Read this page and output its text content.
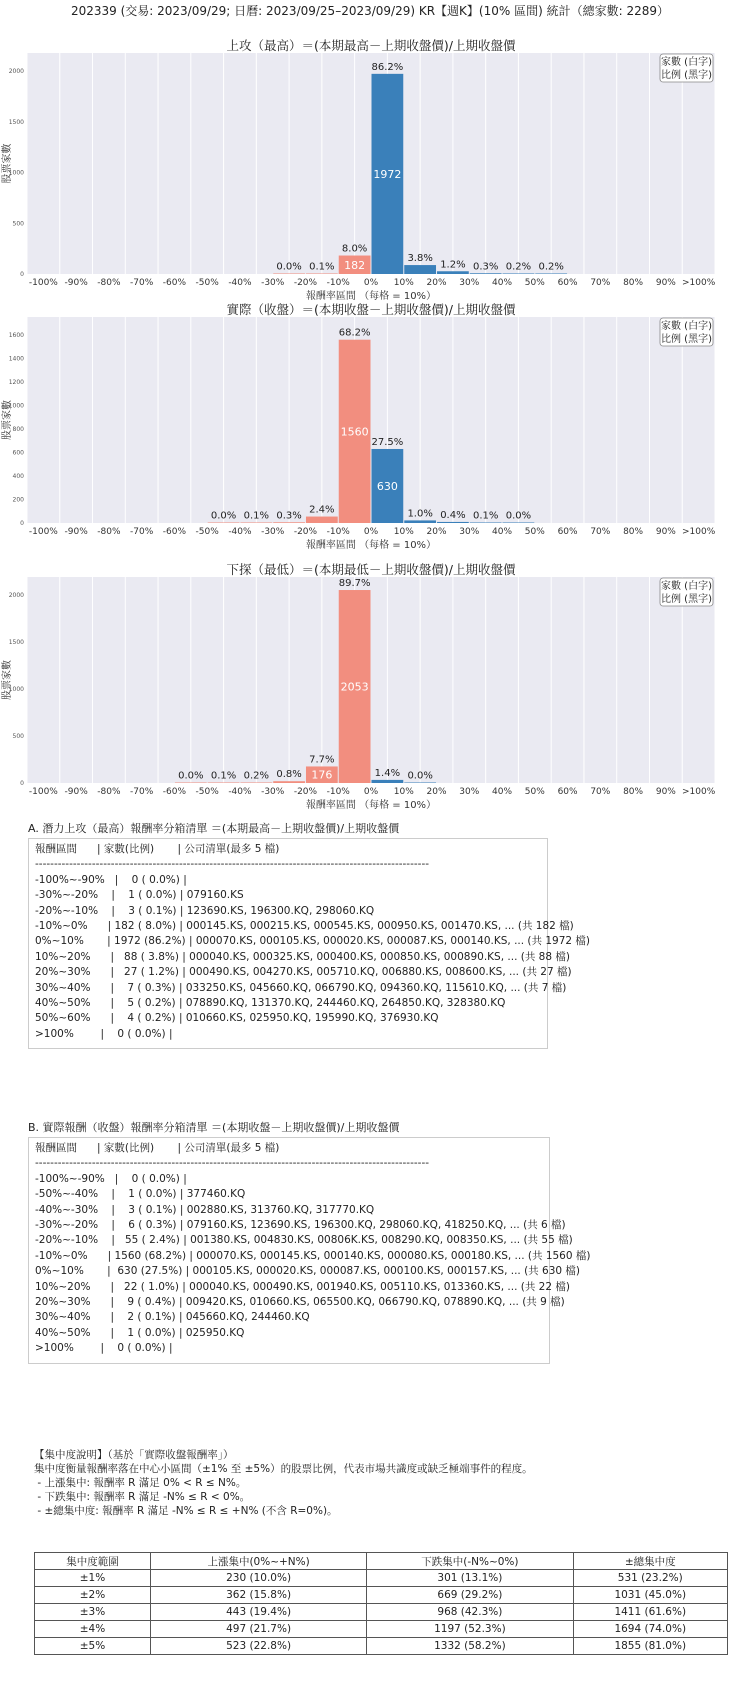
202339 (交易: 2023/09/29; 日曆: 2023/09/25–2023/09/29) KR【週K】(10% 區間) 統計（總家數: 2289）
上攻（最高）＝(本期最高－上期收盤價)/上期收盤價
0
500
1000
1500
2000
股票家數
-100% -90% -80% -70% -60% -50% -40% -30% -20% -10% 0% 10% 20% 30% 40% 50% 60% 70% 80% 90% >100%
報酬率區間 （每格 = 10%）
0.0% 0.1%
8.0%
182
86.2%
1972
3.8%
1.2% 0.3% 0.2% 0.2%
家數 (白字)
比例 (黑字)
實際（收盤）＝(本期收盤－上期收盤價)/上期收盤價
0
200
400
600
800
1000
1200
1400
1600
股票家數
-100% -90% -80% -70% -60% -50% -40% -30% -20% -10% 0% 10% 20% 30% 40% 50% 60% 70% 80% 90% >100%
報酬率區間 （每格 = 10%）
0.0% 0.1% 0.3%
2.4%
68.2%
1560
27.5%
630
1.0% 0.4% 0.1% 0.0%
家數 (白字)
比例 (黑字)
下探（最低）＝(本期最低－上期收盤價)/上期收盤價
0
500
1000
1500
2000
股票家數
-100% -90% -80% -70% -60% -50% -40% -30% -20% -10% 0% 10% 20% 30% 40% 50% 60% 70% 80% 90% >100%
報酬率區間 （每格 = 10%）
0.0% 0.1% 0.2% 0.8%
7.7%
176
89.7%
2053
1.4% 0.0%
家數 (白字)
比例 (黑字)
A. 潛力上攻（最高）報酬率分箱清單 ＝(本期最高－上期收盤價)/上期收盤價
報酬區間      | 家數(比例)       | 公司清單(最多 5 檔)
--------------------------------------------------------------------------------------------------------
-100%~-90%   |    0 ( 0.0%) |
-30%~-20%    |    1 ( 0.0%) | 079160.KS
-20%~-10%    |    3 ( 0.1%) | 123690.KS, 196300.KQ, 298060.KQ
-10%~0%      | 182 ( 8.0%) | 000145.KS, 000215.KS, 000545.KS, 000950.KS, 001470.KS, ... (共 182 檔)
0%~10%       | 1972 (86.2%) | 000070.KS, 000105.KS, 000020.KS, 000087.KS, 000140.KS, ... (共 1972 檔)
10%~20%      |   88 ( 3.8%) | 000040.KS, 000325.KS, 000400.KS, 000850.KS, 000890.KS, ... (共 88 檔)
20%~30%      |   27 ( 1.2%) | 000490.KS, 004270.KS, 005710.KQ, 006880.KS, 008600.KS, ... (共 27 檔)
30%~40%      |    7 ( 0.3%) | 033250.KS, 045660.KQ, 066790.KQ, 094360.KQ, 115610.KQ, ... (共 7 檔)
40%~50%      |    5 ( 0.2%) | 078890.KQ, 131370.KQ, 244460.KQ, 264850.KQ, 328380.KQ
50%~60%      |    4 ( 0.2%) | 010660.KS, 025950.KQ, 195990.KQ, 376930.KQ
>100%        |    0 ( 0.0%) |
B. 實際報酬（收盤）報酬率分箱清單 ＝(本期收盤－上期收盤價)/上期收盤價
報酬區間      | 家數(比例)       | 公司清單(最多 5 檔)
--------------------------------------------------------------------------------------------------------
-100%~-90%   |    0 ( 0.0%) |
-50%~-40%    |    1 ( 0.0%) | 377460.KQ
-40%~-30%    |    3 ( 0.1%) | 002880.KS, 313760.KQ, 317770.KQ
-30%~-20%    |    6 ( 0.3%) | 079160.KS, 123690.KS, 196300.KQ, 298060.KQ, 418250.KQ, ... (共 6 檔)
-20%~-10%    |   55 ( 2.4%) | 001380.KS, 004830.KS, 00806K.KS, 008290.KQ, 008350.KS, ... (共 55 檔)
-10%~0%      | 1560 (68.2%) | 000070.KS, 000145.KS, 000140.KS, 000080.KS, 000180.KS, ... (共 1560 檔)
0%~10%       |  630 (27.5%) | 000105.KS, 000020.KS, 000087.KS, 000100.KS, 000157.KS, ... (共 630 檔)
10%~20%      |   22 ( 1.0%) | 000040.KS, 000490.KS, 001940.KS, 005110.KS, 013360.KS, ... (共 22 檔)
20%~30%      |    9 ( 0.4%) | 009420.KS, 010660.KS, 065500.KQ, 066790.KQ, 078890.KQ, ... (共 9 檔)
30%~40%      |    2 ( 0.1%) | 045660.KQ, 244460.KQ
40%~50%      |    1 ( 0.0%) | 025950.KQ
>100%        |    0 ( 0.0%) |
【集中度說明】（基於「實際收盤報酬率」）
集中度衡量報酬率落在中心小區間（±1% 至 ±5%）的股票比例，代表市場共識度或缺乏極端事件的程度。
- 上漲集中: 報酬率 R 滿足 0% < R ≤ N%。
- 下跌集中: 報酬率 R 滿足 -N% ≤ R < 0%。
- ±總集中度: 報酬率 R 滿足 -N% ≤ R ≤ +N% (不含 R=0%)。
集中度範圍	上漲集中(0%~+N%)	下跌集中(-N%~0%)	±總集中度
±1%	230 (10.0%)	301 (13.1%)	531 (23.2%)
±2%	362 (15.8%)	669 (29.2%)	1031 (45.0%)
±3%	443 (19.4%)	968 (42.3%)	1411 (61.6%)
±4%	497 (21.7%)	1197 (52.3%)	1694 (74.0%)
±5%	523 (22.8%)	1332 (58.2%)	1855 (81.0%)
